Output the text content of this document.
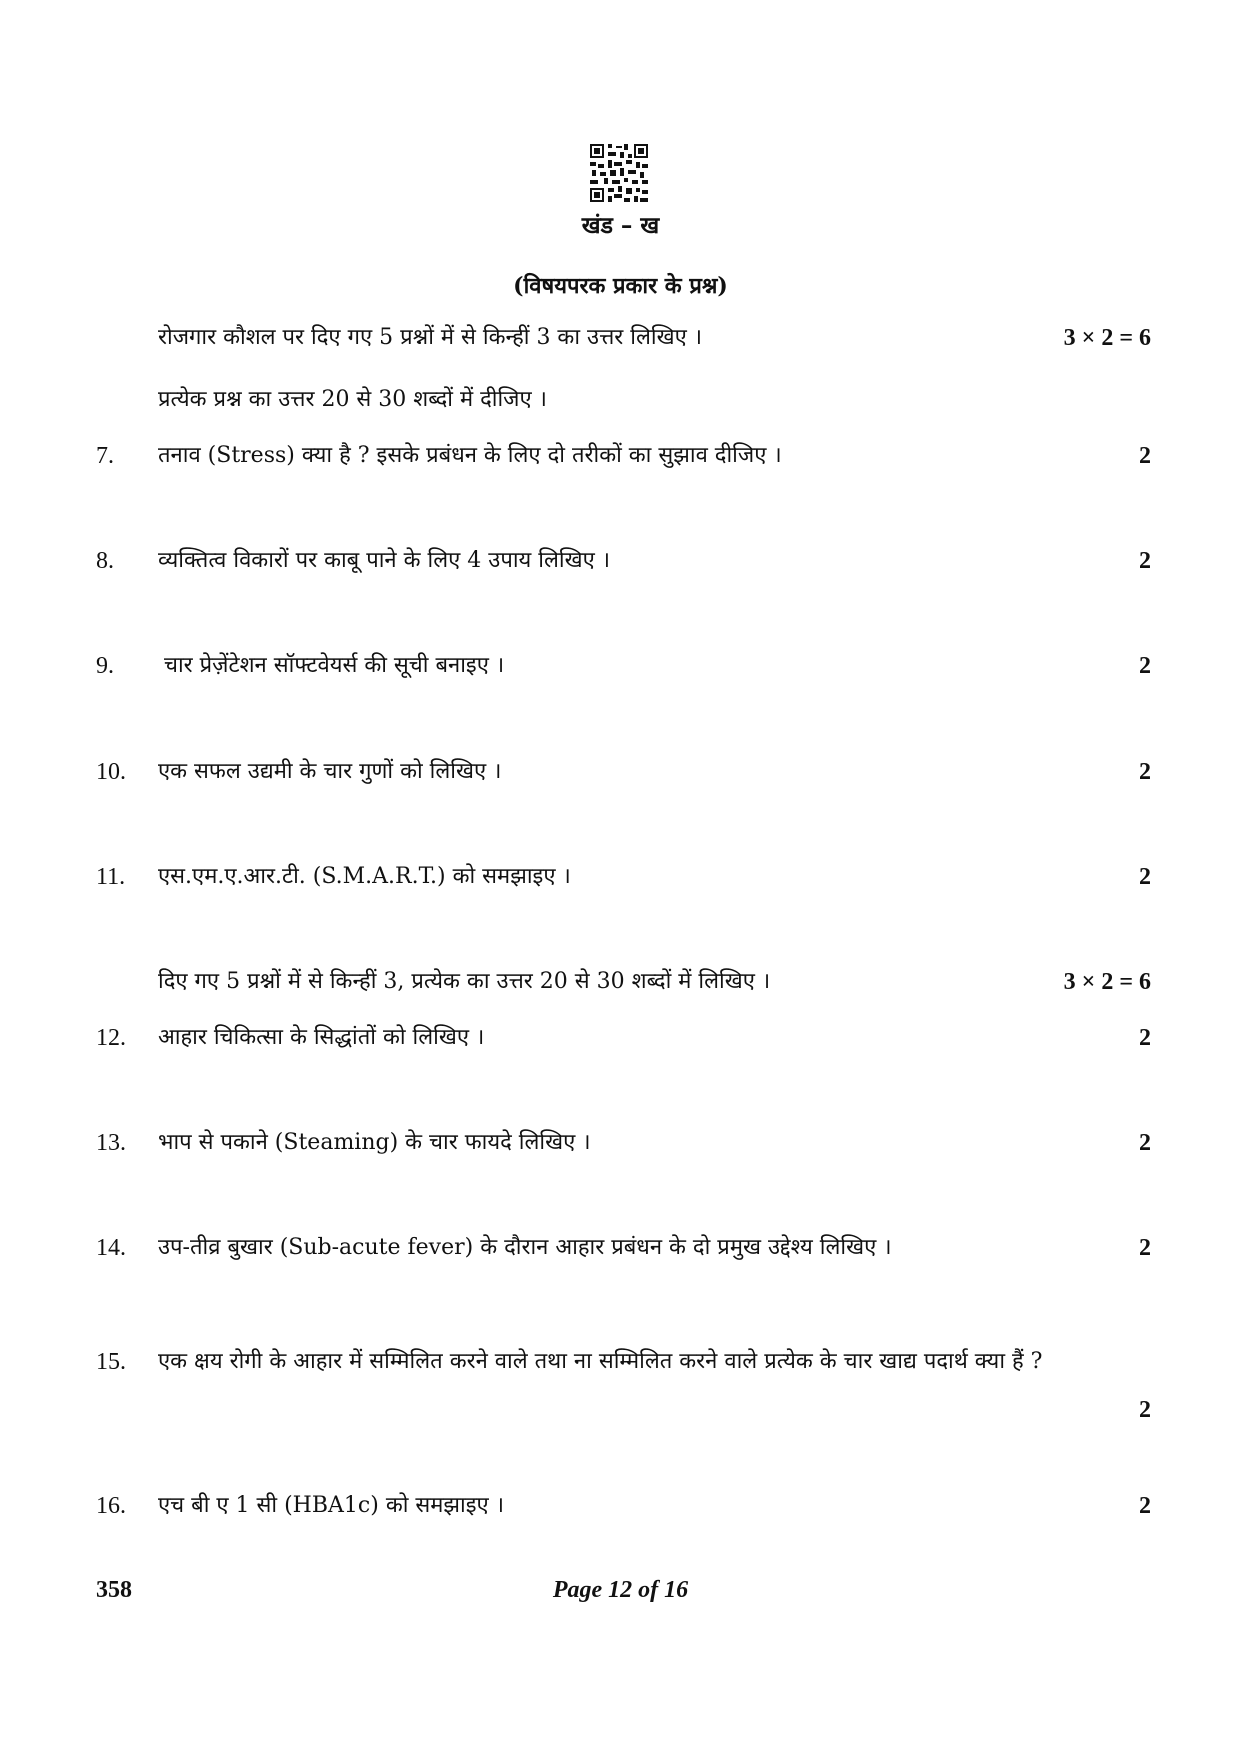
खंड – ख
(विषयपरक प्रकार के प्रश्न)
रोजगार कौशल पर दिए गए 5 प्रश्नों में से किन्हीं 3 का उत्तर लिखिए ।	3 × 2 = 6
प्रत्येक प्रश्न का उत्तर 20 से 30 शब्दों में दीजिए ।
7.	तनाव (Stress) क्या है ? इसके प्रबंधन के लिए दो तरीकों का सुझाव दीजिए ।	2
8.	व्यक्तित्व विकारों पर काबू पाने के लिए 4 उपाय लिखिए ।	2
9.	चार प्रेज़ेंटेशन सॉफ्टवेयर्स की सूची बनाइए ।	2
10.	एक सफल उद्यमी के चार गुणों को लिखिए ।	2
11.	एस.एम.ए.आर.टी. (S.M.A.R.T.) को समझाइए ।	2
दिए गए 5 प्रश्नों में से किन्हीं 3, प्रत्येक का उत्तर 20 से 30 शब्दों में लिखिए ।	3 × 2 = 6
12.	आहार चिकित्सा के सिद्धांतों को लिखिए ।	2
13.	भाप से पकाने (Steaming) के चार फायदे लिखिए ।	2
14.	उप-तीव्र बुखार (Sub-acute fever) के दौरान आहार प्रबंधन के दो प्रमुख उद्देश्य लिखिए ।	2
15.	एक क्षय रोगी के आहार में सम्मिलित करने वाले तथा ना सम्मिलित करने वाले प्रत्येक के चार खाद्य पदार्थ क्या हैं ?
2
16.	एच बी ए 1 सी (HBA1c) को समझाइए ।	2
358	Page 12 of 16
